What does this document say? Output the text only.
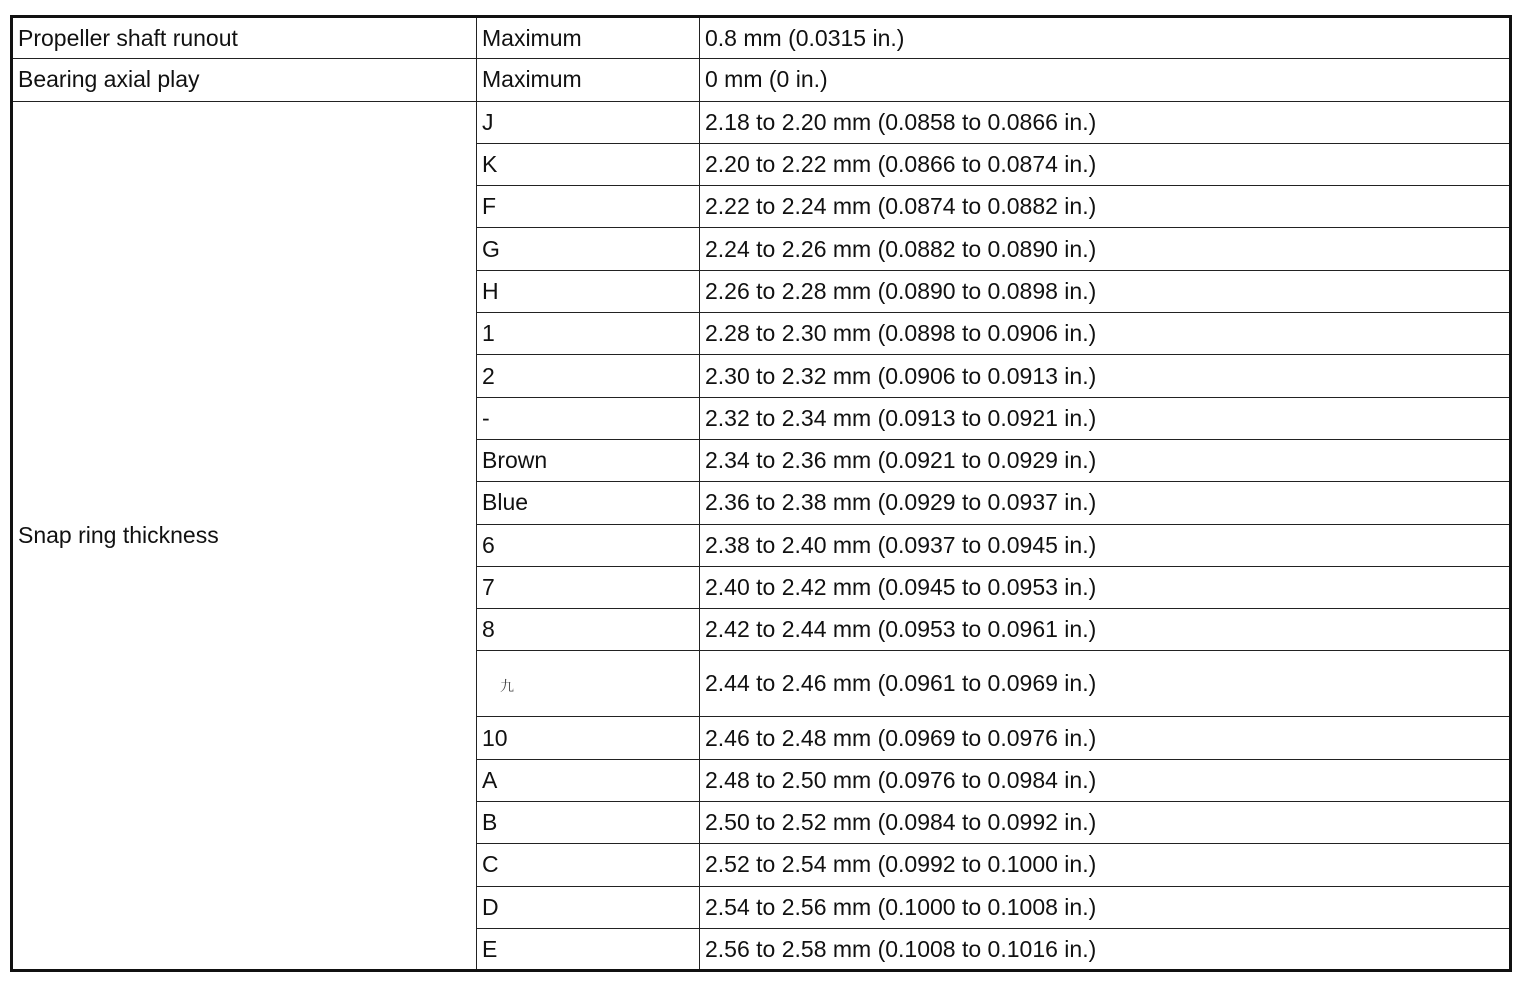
Propeller shaft runout	Maximum	0.8 mm (0.0315 in.)
Bearing axial play	Maximum	0 mm (0 in.)
Snap ring thickness	J	2.18 to 2.20 mm (0.0858 to 0.0866 in.)
	K	2.20 to 2.22 mm (0.0866 to 0.0874 in.)
	F	2.22 to 2.24 mm (0.0874 to 0.0882 in.)
	G	2.24 to 2.26 mm (0.0882 to 0.0890 in.)
	H	2.26 to 2.28 mm (0.0890 to 0.0898 in.)
	1	2.28 to 2.30 mm (0.0898 to 0.0906 in.)
	2	2.30 to 2.32 mm (0.0906 to 0.0913 in.)
	-	2.32 to 2.34 mm (0.0913 to 0.0921 in.)
	Brown	2.34 to 2.36 mm (0.0921 to 0.0929 in.)
	Blue	2.36 to 2.38 mm (0.0929 to 0.0937 in.)
	6	2.38 to 2.40 mm (0.0937 to 0.0945 in.)
	7	2.40 to 2.42 mm (0.0945 to 0.0953 in.)
	8	2.42 to 2.44 mm (0.0953 to 0.0961 in.)
	九	2.44 to 2.46 mm (0.0961 to 0.0969 in.)
	10	2.46 to 2.48 mm (0.0969 to 0.0976 in.)
	A	2.48 to 2.50 mm (0.0976 to 0.0984 in.)
	B	2.50 to 2.52 mm (0.0984 to 0.0992 in.)
	C	2.52 to 2.54 mm (0.0992 to 0.1000 in.)
	D	2.54 to 2.56 mm (0.1000 to 0.1008 in.)
	E	2.56 to 2.58 mm (0.1008 to 0.1016 in.)
